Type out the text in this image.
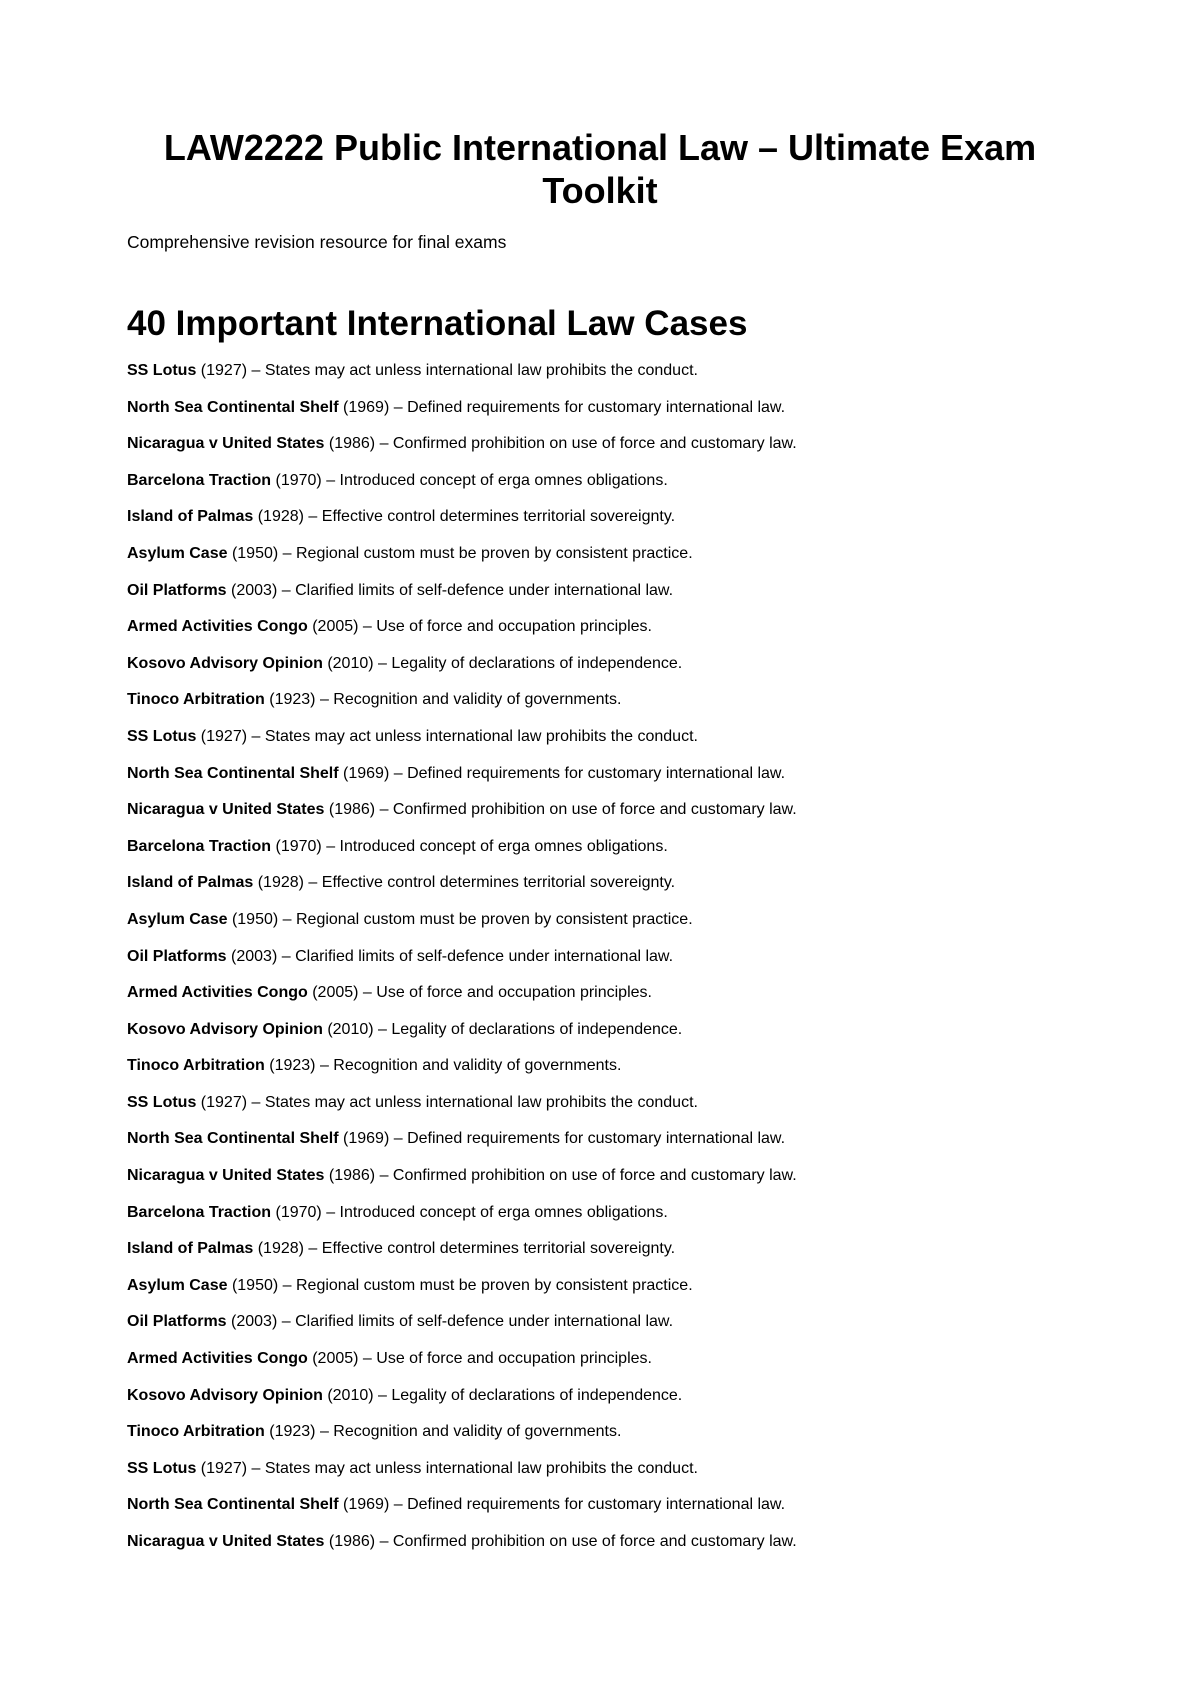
LAW2222 Public International Law – Ultimate Exam Toolkit

Comprehensive revision resource for final exams

40 Important International Law Cases
SS Lotus (1927) – States may act unless international law prohibits the conduct.
North Sea Continental Shelf (1969) – Defined requirements for customary international law.
Nicaragua v United States (1986) – Confirmed prohibition on use of force and customary law.
Barcelona Traction (1970) – Introduced concept of erga omnes obligations.
Island of Palmas (1928) – Effective control determines territorial sovereignty.
Asylum Case (1950) – Regional custom must be proven by consistent practice.
Oil Platforms (2003) – Clarified limits of self-defence under international law.
Armed Activities Congo (2005) – Use of force and occupation principles.
Kosovo Advisory Opinion (2010) – Legality of declarations of independence.
Tinoco Arbitration (1923) – Recognition and validity of governments.
SS Lotus (1927) – States may act unless international law prohibits the conduct.
North Sea Continental Shelf (1969) – Defined requirements for customary international law.
Nicaragua v United States (1986) – Confirmed prohibition on use of force and customary law.
Barcelona Traction (1970) – Introduced concept of erga omnes obligations.
Island of Palmas (1928) – Effective control determines territorial sovereignty.
Asylum Case (1950) – Regional custom must be proven by consistent practice.
Oil Platforms (2003) – Clarified limits of self-defence under international law.
Armed Activities Congo (2005) – Use of force and occupation principles.
Kosovo Advisory Opinion (2010) – Legality of declarations of independence.
Tinoco Arbitration (1923) – Recognition and validity of governments.
SS Lotus (1927) – States may act unless international law prohibits the conduct.
North Sea Continental Shelf (1969) – Defined requirements for customary international law.
Nicaragua v United States (1986) – Confirmed prohibition on use of force and customary law.
Barcelona Traction (1970) – Introduced concept of erga omnes obligations.
Island of Palmas (1928) – Effective control determines territorial sovereignty.
Asylum Case (1950) – Regional custom must be proven by consistent practice.
Oil Platforms (2003) – Clarified limits of self-defence under international law.
Armed Activities Congo (2005) – Use of force and occupation principles.
Kosovo Advisory Opinion (2010) – Legality of declarations of independence.
Tinoco Arbitration (1923) – Recognition and validity of governments.
SS Lotus (1927) – States may act unless international law prohibits the conduct.
North Sea Continental Shelf (1969) – Defined requirements for customary international law.
Nicaragua v United States (1986) – Confirmed prohibition on use of force and customary law.
